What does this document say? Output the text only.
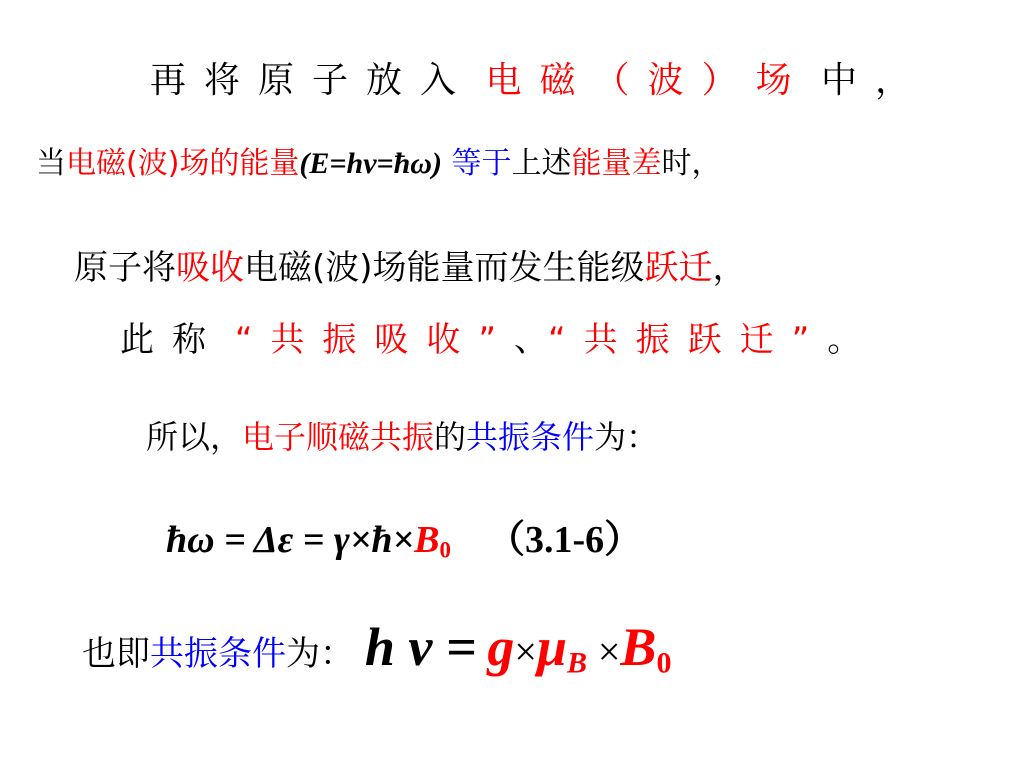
再将原子放入 电磁（波）场 中，
当电磁(波)场的能量(E=hν=ħω) 等于上述能量差时，
原子将吸收电磁(波)场能量而发生能级跃迁，
此称 “共振吸收”、“共振跃迁”。
所以，电子顺磁共振的共振条件为：
ħω = $\Delta\varepsilon = \gamma\times ħ\times B_0$ （3.1-6）
也即共振条件为： h $\nu = g\times\mu_B \times B_0$
